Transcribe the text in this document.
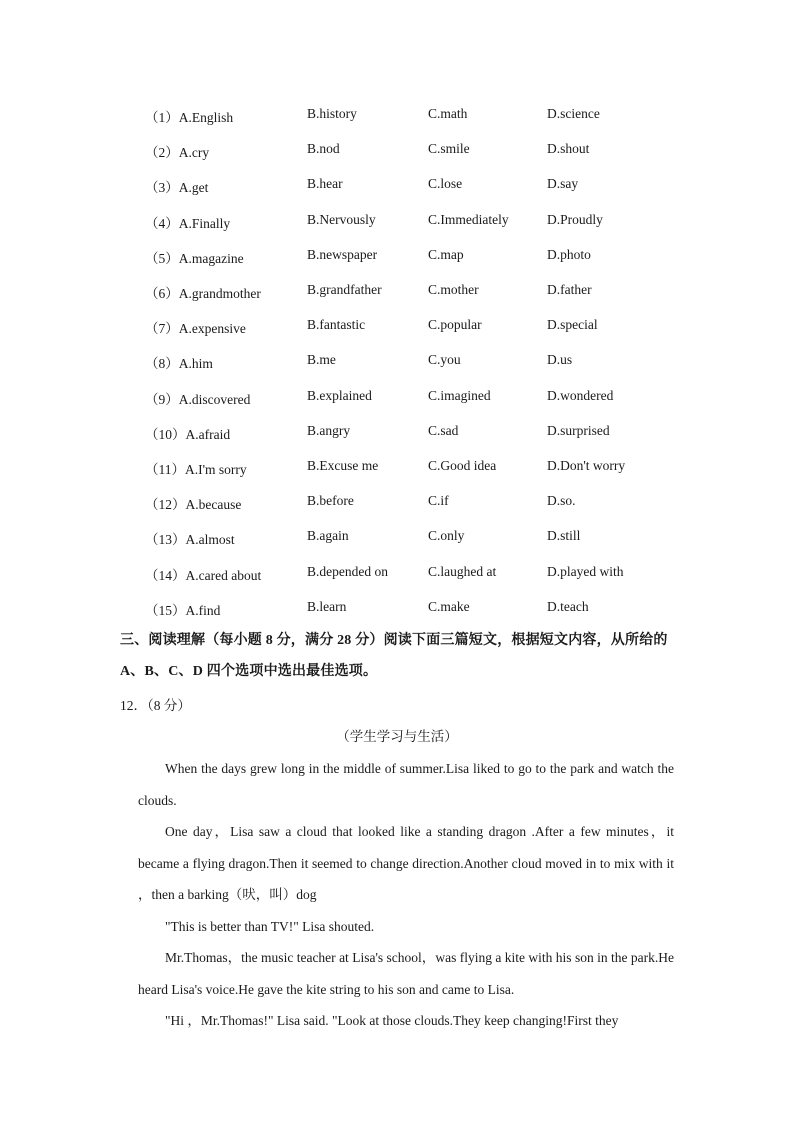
（1）A.English	B.history	C.math	D.science
（2）A.cry	B.nod	C.smile	D.shout
（3）A.get	B.hear	C.lose	D.say
（4）A.Finally	B.Nervously	C.Immediately	D.Proudly
（5）A.magazine	B.newspaper	C.map	D.photo
（6）A.grandmother	B.grandfather	C.mother	D.father
（7）A.expensive	B.fantastic	C.popular	D.special
（8）A.him	B.me	C.you	D.us
（9）A.discovered	B.explained	C.imagined	D.wondered
（10）A.afraid	B.angry	C.sad	D.surprised
（11）A.I'm sorry	B.Excuse me	C.Good idea	D.Don't worry
（12）A.because	B.before	C.if	D.so.
（13）A.almost	B.again	C.only	D.still
（14）A.cared about	B.depended on	C.laughed at	D.played with
（15）A.find	B.learn	C.make	D.teach
三、阅读理解（每小题 8 分，满分 28 分）阅读下面三篇短文，根据短文内容，从所给的 A、B、C、D 四个选项中选出最佳选项。
12．（8 分）
（学生学习与生活）

When the days grew long in the middle of summer.Lisa liked to go to the park and watch the clouds.

One day，Lisa saw a cloud that looked like a standing dragon .After a few minutes，it became a flying dragon.Then it seemed to change direction.Another cloud moved in to mix with it ，then a barking（吠，叫）dog

"This is better than TV!" Lisa shouted.

Mr.Thomas，the music teacher at Lisa's school，was flying a kite with his son in the park.He heard Lisa's voice.He gave the kite string to his son and came to Lisa.

"Hi ，Mr.Thomas!" Lisa said. "Look at those clouds.They keep changing!First they
